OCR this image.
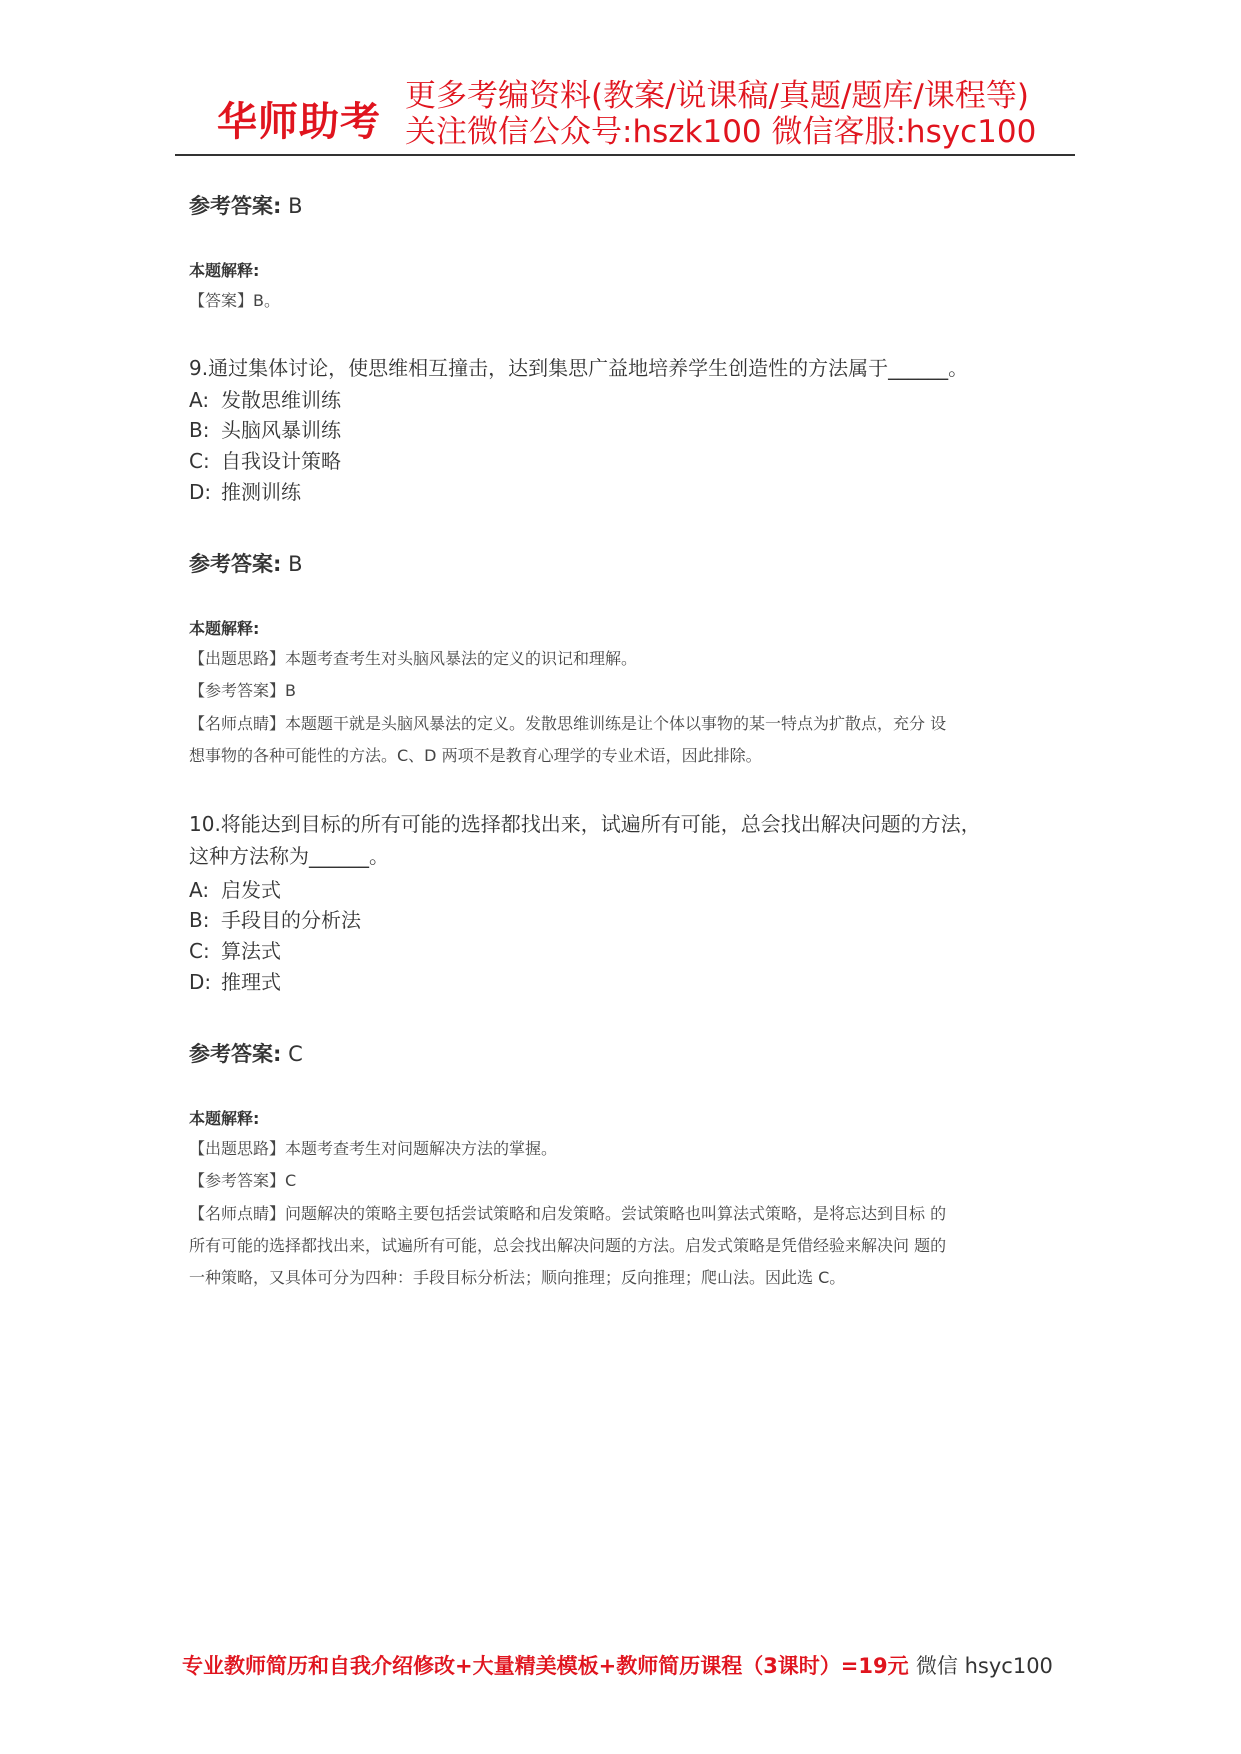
华师助考
更多考编资料(教案/说课稿/真题/题库/课程等)
关注微信公众号:hszk100 微信客服:hsyc100
参考答案: B
本题解释:
【答案】B。
9.通过集体讨论，使思维相互撞击，达到集思广益地培养学生创造性的方法属于______。
A: 发散思维训练
B: 头脑风暴训练
C: 自我设计策略
D: 推测训练
参考答案: B
本题解释:
【出题思路】本题考查考生对头脑风暴法的定义的识记和理解。
【参考答案】B
【名师点睛】本题题干就是头脑风暴法的定义。发散思维训练是让个体以事物的某一特点为扩散点，充分 设
想事物的各种可能性的方法。C、D 两项不是教育心理学的专业术语，因此排除。
10.将能达到目标的所有可能的选择都找出来，试遍所有可能，总会找出解决问题的方法，
这种方法称为______。
A: 启发式
B: 手段目的分析法
C: 算法式
D: 推理式
参考答案: C
本题解释:
【出题思路】本题考查考生对问题解决方法的掌握。
【参考答案】C
【名师点睛】问题解决的策略主要包括尝试策略和启发策略。尝试策略也叫算法式策略，是将忘达到目标 的
所有可能的选择都找出来，试遍所有可能，总会找出解决问题的方法。启发式策略是凭借经验来解决问 题的
一种策略，又具体可分为四种：手段目标分析法；顺向推理；反向推理；爬山法。因此选 C。
专业教师简历和自我介绍修改+大量精美模板+教师简历课程（3课时）=19元 微信 hsyc100
